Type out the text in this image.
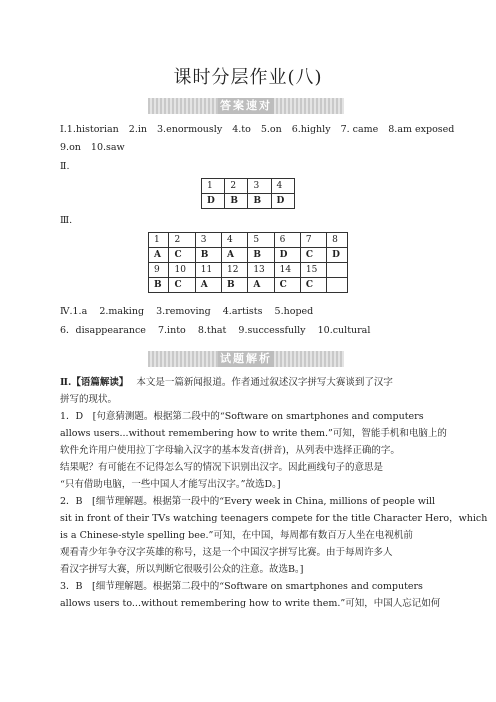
课时分层作业(八)
答案速对
Ⅰ.1.historian 2.in 3.enormously 4.to 5.on 6.highly 7. came 8.am exposed
9.on 10.saw
Ⅱ.
1	2	3	4
D	B	B	D
Ⅲ.
1	2	3	4	5	6	7	8
A	C	B	A	B	D	C	D
9	10	11	12	13	14	15	
B	C	A	B	A	C	C	
Ⅳ.1.a    2.making    3.removing    4.artists    5.hoped
6．disappearance    7.into    8.that    9.successfully    10.cultural
试题解析
Ⅱ.【语篇解读】 本文是一篇新闻报道。作者通过叙述汉字拼写大赛谈到了汉字
拼写的现状。
1．D　[句意猜测题。根据第二段中的“Software on smartphones and computers
allows users...without remembering how to write them.”可知，智能手机和电脑上的
软件允许用户使用拉丁字母输入汉字的基本发音(拼音)，从列表中选择正确的字。
结果呢？有可能在不记得怎么写的情况下识别出汉字。因此画线句子的意思是
“只有借助电脑，一些中国人才能写出汉字。”故选D。]
2．B　[细节理解题。根据第一段中的“Every week in China, millions of people will
sit in front of their TVs watching teenagers compete for the title Character Hero，which
is a Chinese-style spelling bee.”可知，在中国，每周都有数百万人坐在电视机前
观看青少年争夺汉字英雄的称号，这是一个中国汉字拼写比赛。由于每周许多人
看汉字拼写大赛，所以判断它很吸引公众的注意。故选B。]
3．B　[细节理解题。根据第二段中的“Software on smartphones and computers
allows users to...without remembering how to write them.”可知，中国人忘记如何
